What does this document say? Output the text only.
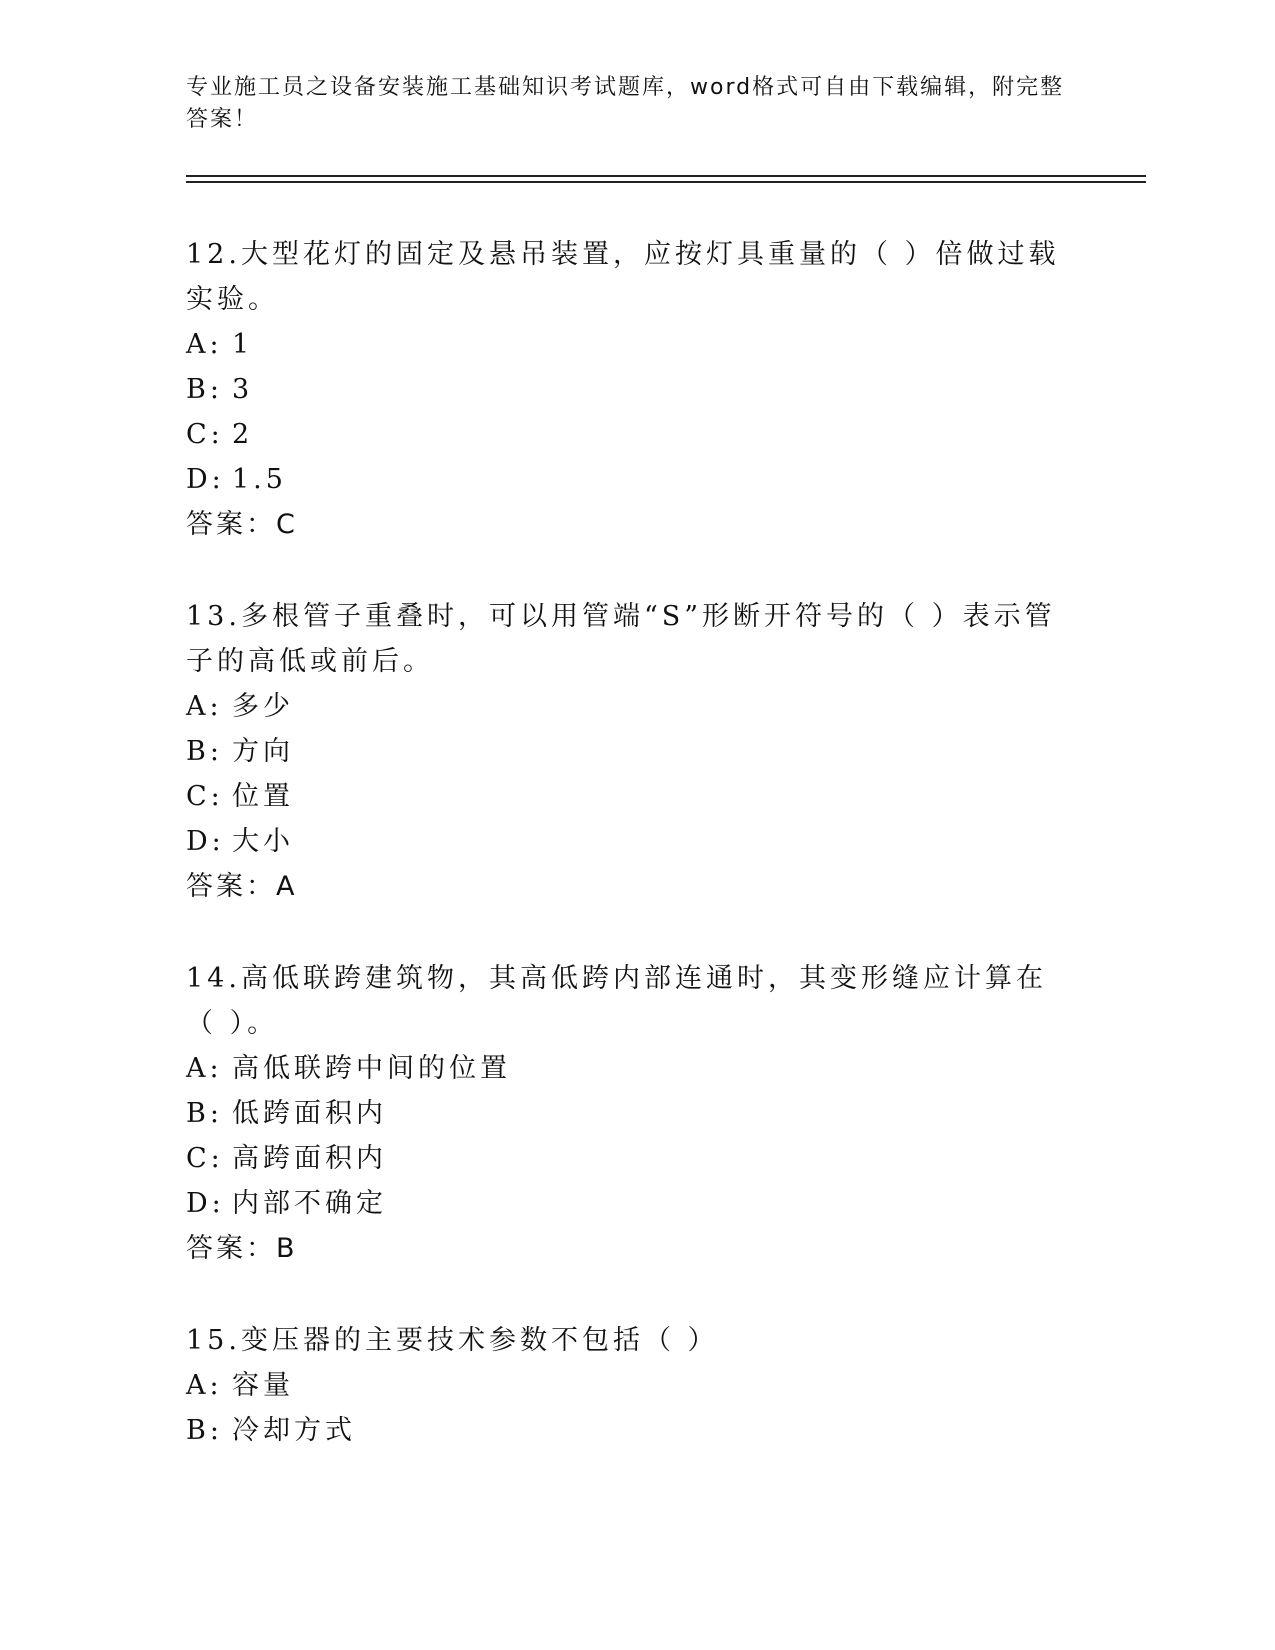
专业施工员之设备安装施工基础知识考试题库，word格式可自由下载编辑，附完整答案！

12.大型花灯的固定及悬吊装置，应按灯具重量的（ ）倍做过载实验。

A: 1

B: 3

C: 2

D: 1.5

答案：C

13.多根管子重叠时，可以用管端“S”形断开符号的（ ）表示管子的高低或前后。

A: 多少

B: 方向

C: 位置

D: 大小

答案：A

14.高低联跨建筑物，其高低跨内部连通时，其变形缝应计算在（ ）。

A: 高低联跨中间的位置

B: 低跨面积内

C: 高跨面积内

D: 内部不确定

答案：B

15.变压器的主要技术参数不包括（ ）

A: 容量

B: 冷却方式
